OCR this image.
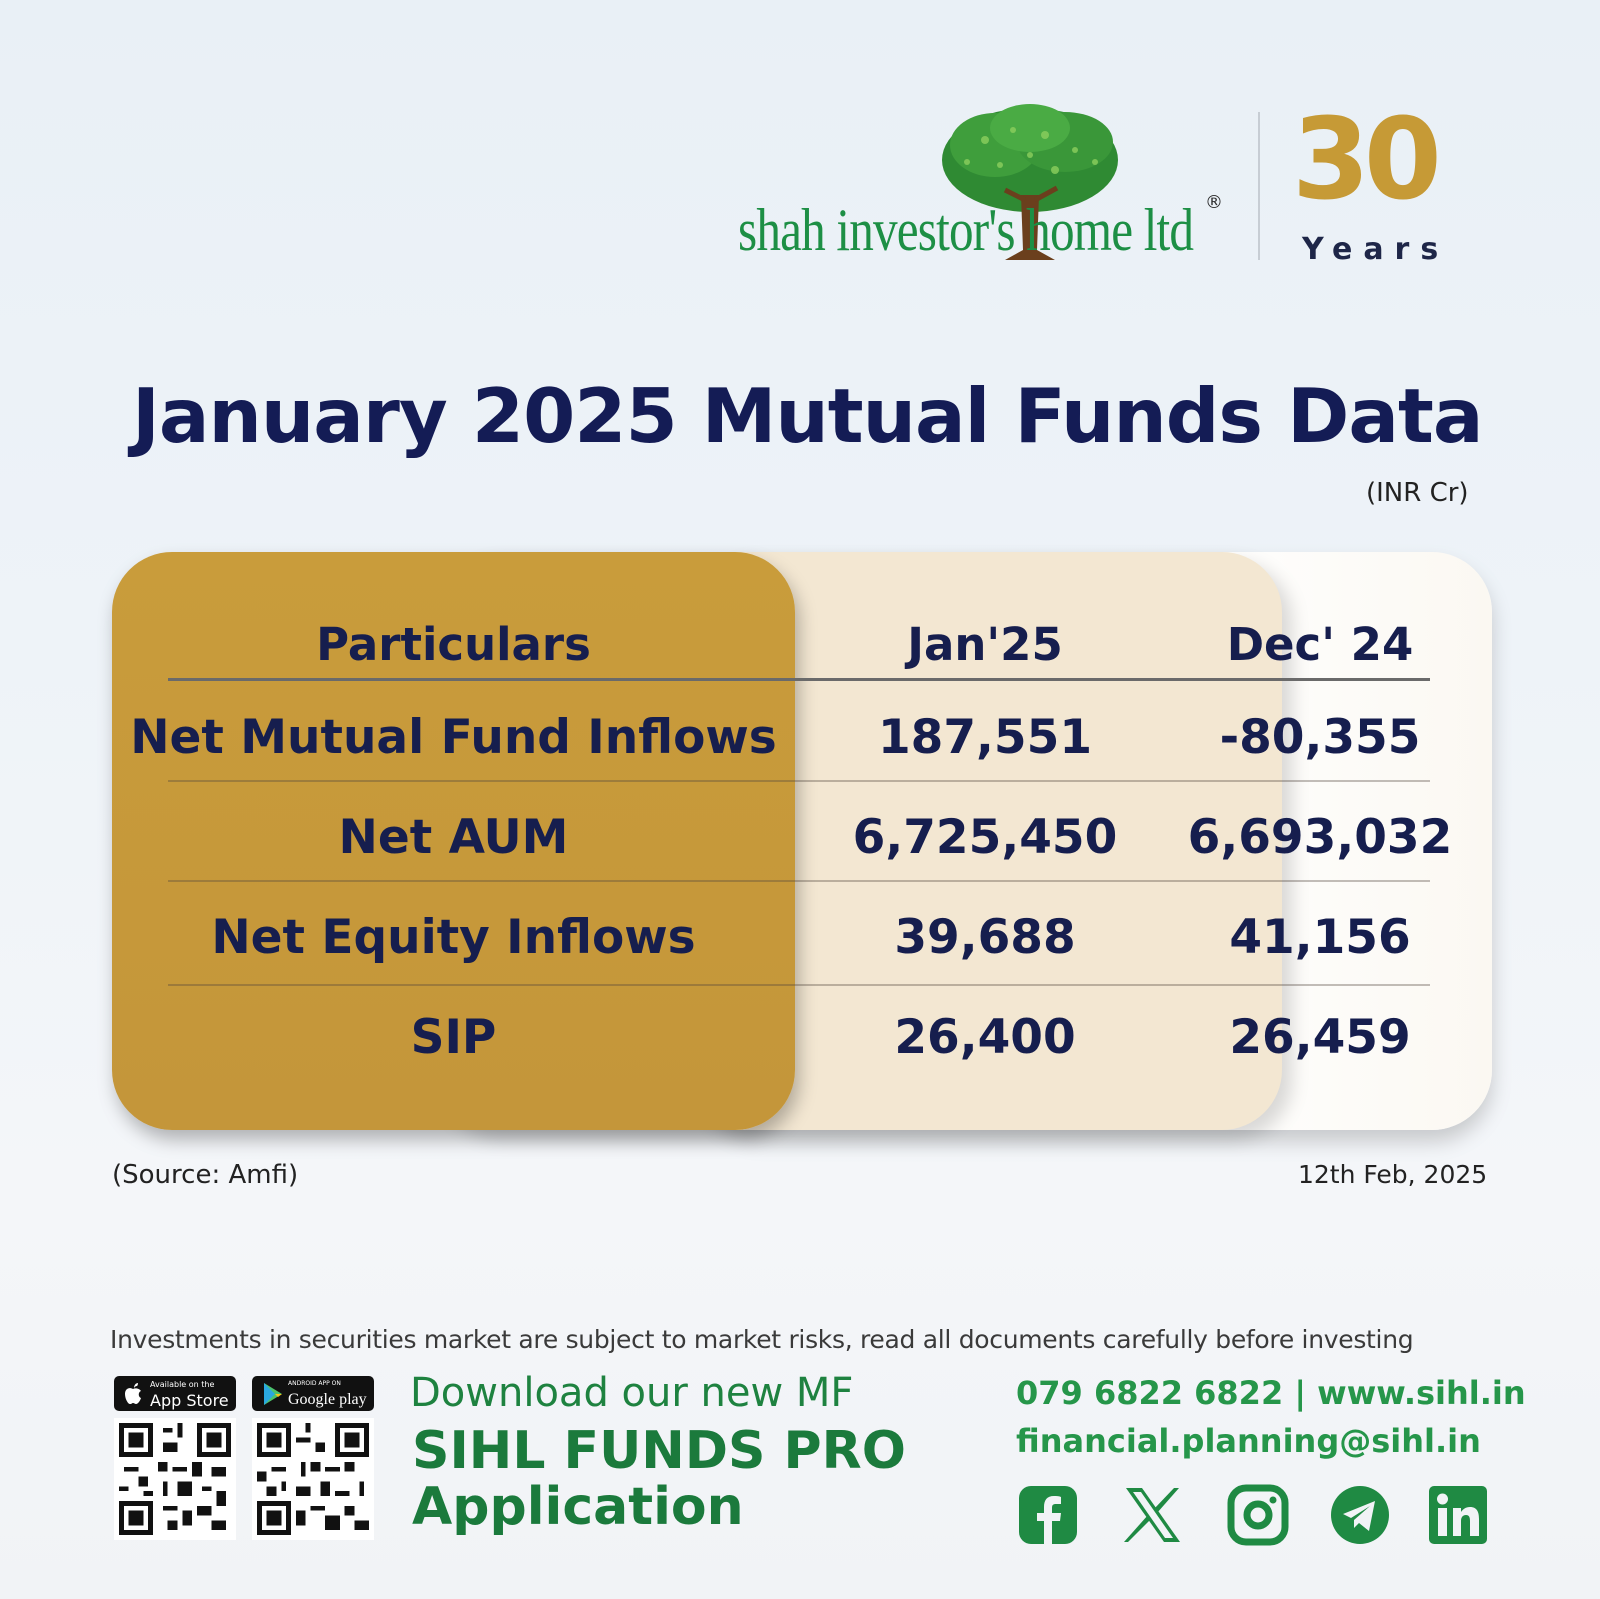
shah investor's home ltd ® 30
Years
January 2025 Mutual Funds Data
(INR Cr)
Particulars	Jan'25	Dec' 24
Net Mutual Fund Inflows	187,551	-80,355
Net AUM	6,725,450	6,693,032
Net Equity Inflows	39,688	41,156
SIP	26,400	26,459
(Source: Amfi)	12th Feb, 2025
Investments in securities market are subject to market risks, read all documents carefully before investing
Available on the
App Store
ANDROID APP ON
Google play Download our new MF
SIHL FUNDS PRO
Application
079 6822 6822 | www.sihl.in
financial.planning@sihl.in
